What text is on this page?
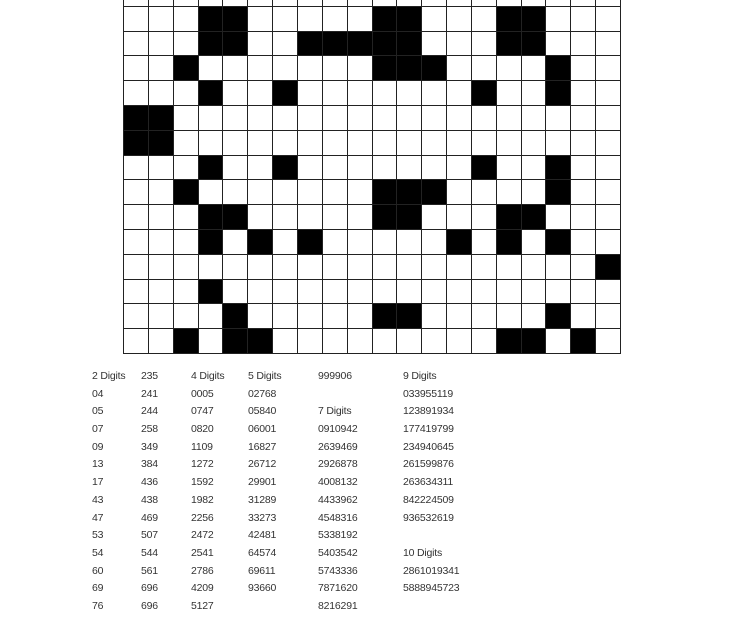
2 Digits
04
05
07
09
13
17
43
47
53
54
60
69
76
235
241
244
258
349
384
436
438
469
507
544
561
696
696
4 Digits
0005
0747
0820
1109
1272
1592
1982
2256
2472
2541
2786
4209
5127
5 Digits
02768
05840
06001
16827
26712
29901
31289
33273
42481
64574
69611
93660
999906
7 Digits
0910942
2639469
2926878
4008132
4433962
4548316
5338192
5403542
5743336
7871620
8216291
9 Digits
033955119
123891934
177419799
234940645
261599876
263634311
842224509
936532619
10 Digits
2861019341
5888945723
